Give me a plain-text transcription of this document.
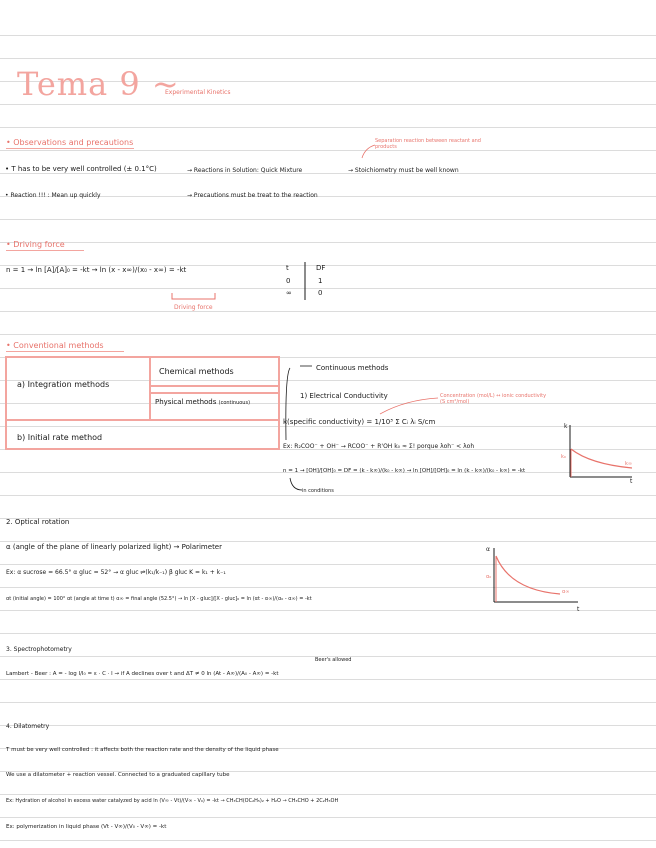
Tema 9 ~
Experimental Kinetics
• Observations and precautions	Separation reaction between reactant and products
• T has to be very well controlled (± 0.1°C)	→ Reactions in Solution: Quick Mixture	→ Stoichiometry must be well known
• Reaction !!! : Mean up quickly	→ Precautions must be treat to the reaction
• Driving force
n = 1 → ln [A]/[A]₀ = -kt → ln (x - x∞)/(x₀ - x∞) = -kt
Driving force
t	DF
0	1
∞	0
• Conventional methods
a) Integration methods
b) Initial rate method
Chemical methods
Physical methods (continuous)
Continuous methods
1) Electrical Conductivity	Concentration (mol/L) ↔ ionic conductivity (S cm²/mol)
k(specific conductivity) = 1/10³ Σ Cᵢ λᵢ S/cm
Ex: R₂COO⁻ + OH⁻ → RCOO⁻ + R'OH k₀ ≈ Σ! porque λoh⁻ < λoh
n = 1 → [OH]/[OH]₀ = DF = (k - k∞)/(k₀ - k∞) → ln [OH]/[OH]₀ = ln (k - k∞)/(k₀ - k∞) = -kt
in conditions
k
t
k₀
k∞
2. Optical rotation
α (angle of the plane of linearly polarized light) → Polarimeter
Ex: α sucrose = 66.5° α gluc = 52° → α gluc ⇌(k₁/k₋₁) β gluc K = k₁ + k₋₁
αt (initial angle) = 100° αt (angle at time t) α∞ = final angle (52.5°) → ln [X - gluc]/[X - gluc]₀ = ln (αt - α∞)/(α₀ - α∞) = -kt
α
t
α₀
α∞
3. Spectrophotometry
Beer's allowed
Lambert - Beer : A = - log I/I₀ = ε · C · l → if A declines over t and ΔT ≠ 0 ln (At - A∞)/(A₀ - A∞) = -kt
4. Dilatometry
T must be very well controlled : it affects both the reaction rate and the density of the liquid phase
We use a dilatometer + reaction vessel. Connected to a graduated capillary tube
Ex: Hydration of alcohol in excess water catalyzed by acid ln (V∞ - Vt)/(V∞ - V₀) = -kt → CH₃CH(OC₂H₅)₂ + H₂O → CH₃CHO + 2C₂H₅OH
Ex: polymerization in liquid phase (Vt - V∞)/(V₀ - V∞) = -kt
